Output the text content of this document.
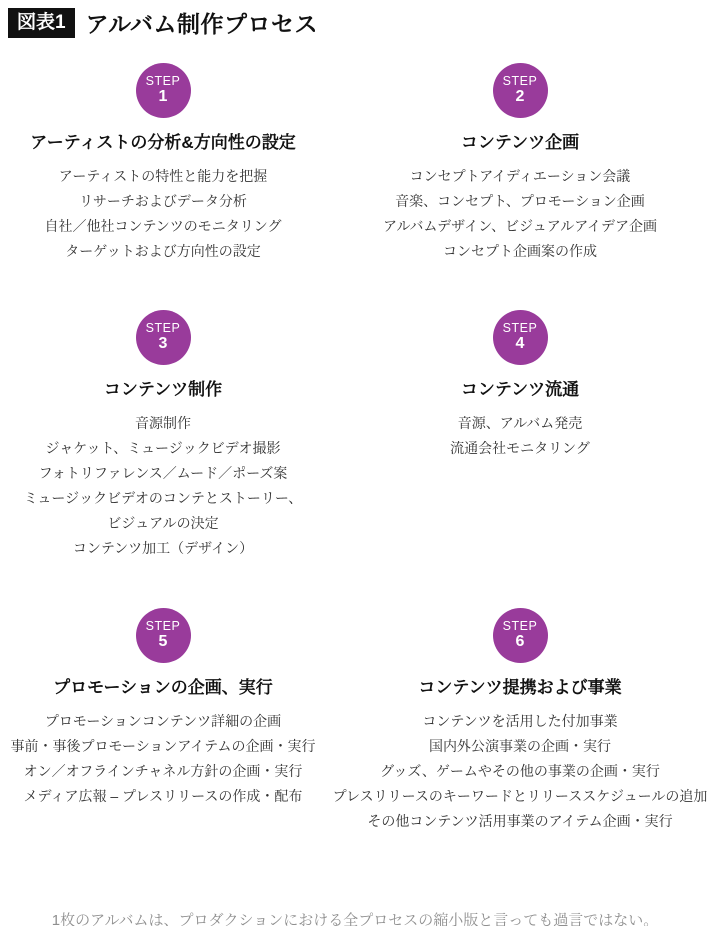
図表1 アルバム制作プロセス
STEP
1
アーティストの分析&方向性の設定
アーティストの特性と能力を把握
リサーチおよびデータ分析
自社／他社コンテンツのモニタリング
ターゲットおよび方向性の設定
STEP
2
コンテンツ企画
コンセプトアイディエーション会議
音楽、コンセプト、プロモーション企画
アルバムデザイン、ビジュアルアイデア企画
コンセプト企画案の作成
STEP
3
コンテンツ制作
音源制作
ジャケット、ミュージックビデオ撮影
フォトリファレンス／ムード／ポーズ案
ミュージックビデオのコンテとストーリー、
ビジュアルの決定
コンテンツ加工（デザイン）
STEP
4
コンテンツ流通
音源、アルバム発売
流通会社モニタリング
STEP
5
プロモーションの企画、実行
プロモーションコンテンツ詳細の企画
事前・事後プロモーションアイテムの企画・実行
オン／オフラインチャネル方針の企画・実行
メディア広報 – プレスリリースの作成・配布
STEP
6
コンテンツ提携および事業
コンテンツを活用した付加事業
国内外公演事業の企画・実行
グッズ、ゲームやその他の事業の企画・実行
プレスリリースのキーワードとリリーススケジュールの追加
その他コンテンツ活用事業のアイテム企画・実行

1枚のアルバムは、プロダクションにおける全プロセスの縮小版と言っても過言ではない。
